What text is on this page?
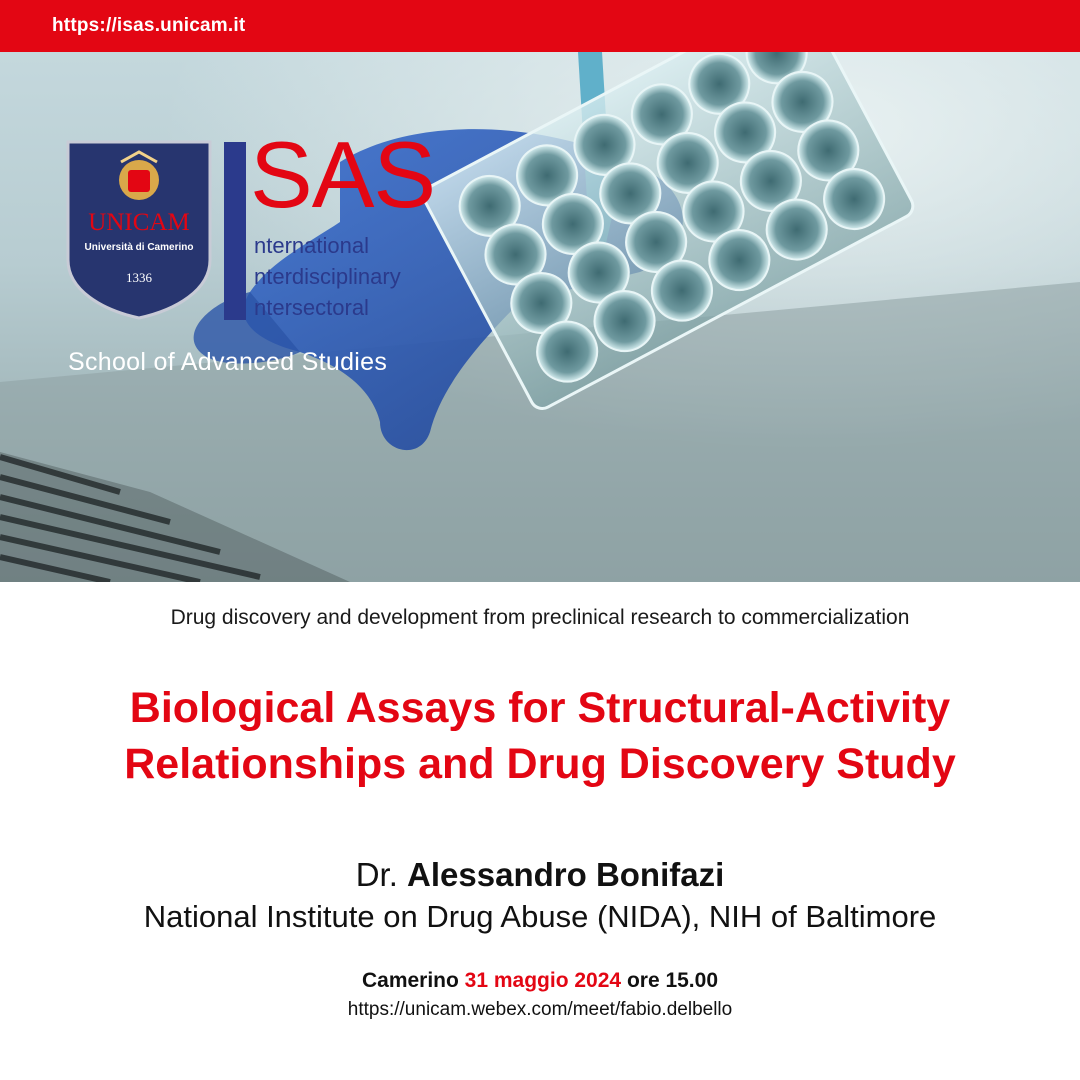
https://isas.unicam.it
UNICAM
Università di Camerino
1336
SAS
nternational
nterdisciplinary
ntersectoral
School of Advanced Studies
Drug discovery and development from preclinical research to commercialization
Biological Assays for Structural-Activity
Relationships and Drug Discovery Study
Dr. Alessandro Bonifazi
National Institute on Drug Abuse (NIDA), NIH of Baltimore
Camerino 31 maggio 2024 ore 15.00
https://unicam.webex.com/meet/fabio.delbello
